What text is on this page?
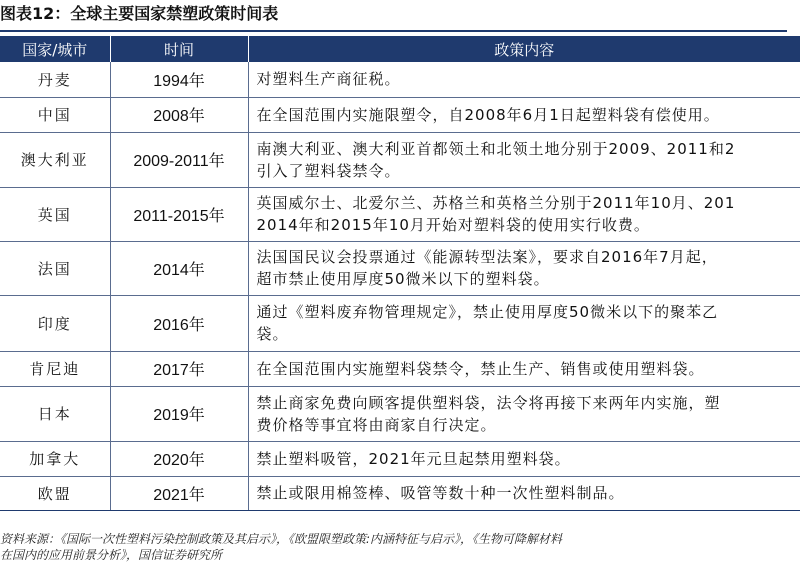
图表12：全球主要国家禁塑政策时间表
国家/城市	时间	政策内容
丹麦	1994年	对塑料生产商征税。

中国	2008年	在全国范围内实施限塑令，自2008年6月1日起塑料袋有偿使用。

澳大利亚	2009-2011年	南澳大利亚、澳大利亚首都领土和北领土地分别于2009、2011和2
引入了塑料袋禁令。

英国	2011-2015年	英国威尔士、北爱尔兰、苏格兰和英格兰分别于2011年10月、201
2014年和2015年10月开始对塑料袋的使用实行收费。

法国	2014年	法国国民议会投票通过《能源转型法案》，要求自2016年7月起，
超市禁止使用厚度50微米以下的塑料袋。

印度	2016年	通过《塑料废弃物管理规定》，禁止使用厚度50微米以下的聚苯乙
袋。

肯尼迪	2017年	在全国范围内实施塑料袋禁令，禁止生产、销售或使用塑料袋。

日本	2019年	禁止商家免费向顾客提供塑料袋，法令将再接下来两年内实施，塑
费价格等事宜将由商家自行决定。

加拿大	2020年	禁止塑料吸管，2021年元旦起禁用塑料袋。

欧盟	2021年	禁止或限用棉签棒、吸管等数十种一次性塑料制品。
资料来源：《国际一次性塑料污染控制政策及其启示》，《欧盟限塑政策:内涵特征与启示》，《生物可降解材料
在国内的应用前景分析》，国信证券研究所
